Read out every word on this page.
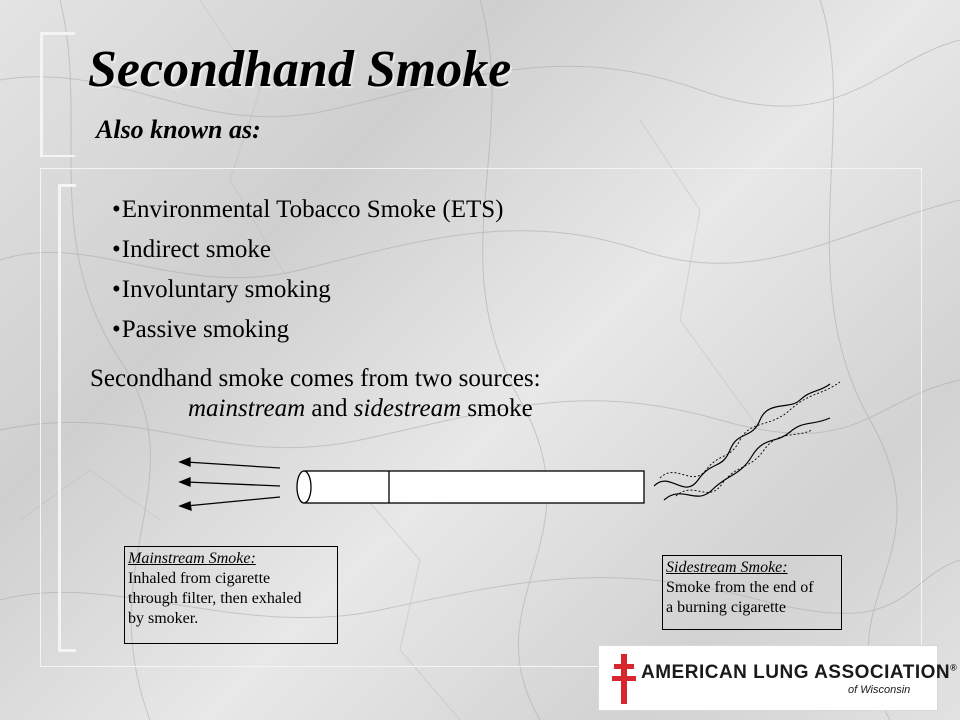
Secondhand Smoke
Also known as:
•Environmental Tobacco Smoke (ETS)
•Indirect smoke
•Involuntary smoking
•Passive smoking
Secondhand smoke comes from two sources:
mainstream and sidestream smoke
Mainstream Smoke:
Inhaled from cigarette
through filter, then exhaled
by smoker.
Sidestream Smoke:
Smoke from the end of
a burning cigarette
AMERICAN LUNG ASSOCIATION®
of Wisconsin
